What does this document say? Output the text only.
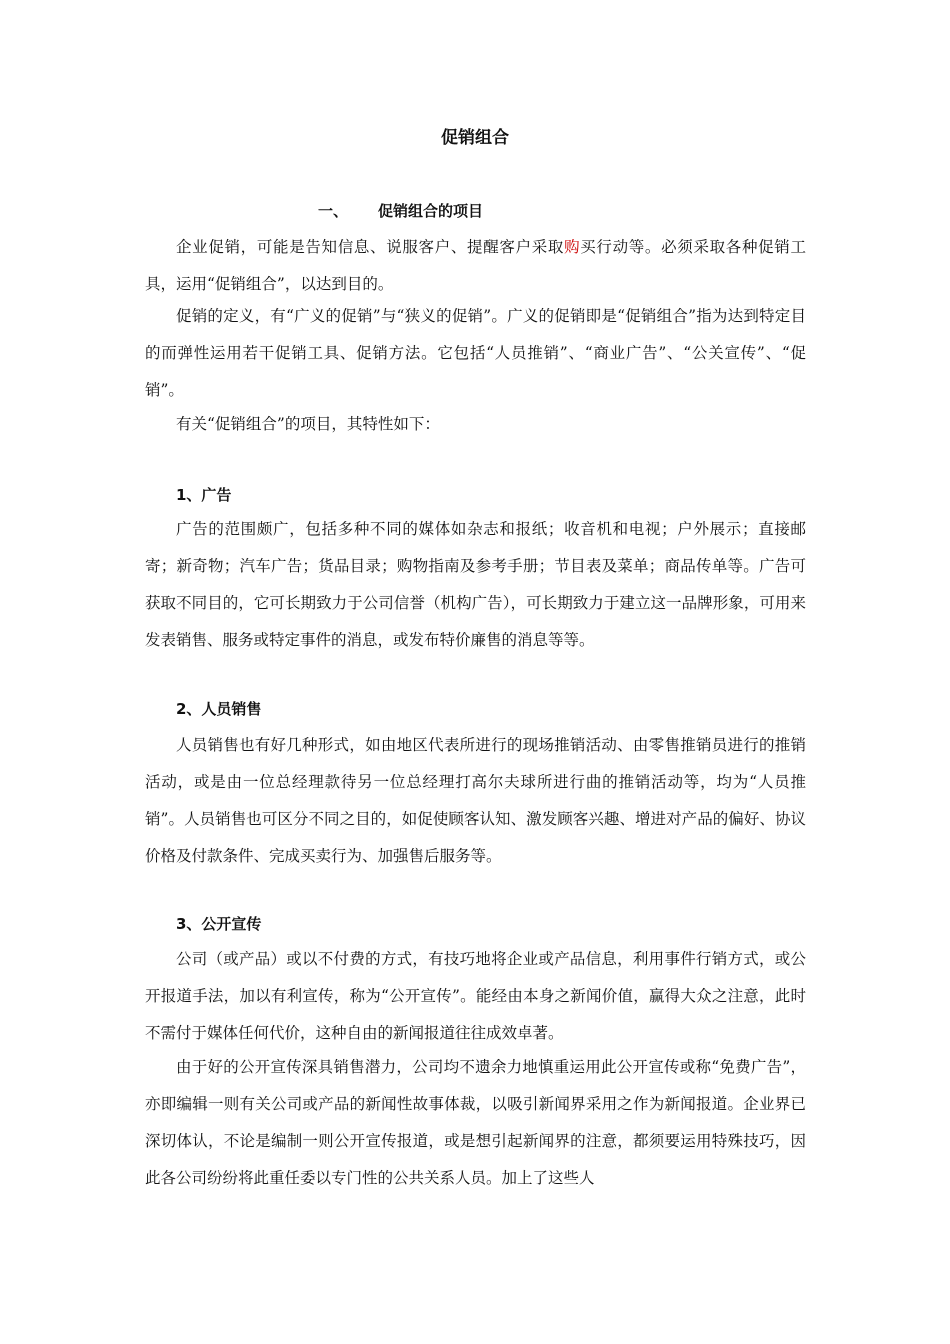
促销组合
一、 促销组合的项目

企业促销，可能是告知信息、说服客户、提醒客户采取购买行动等。必须采取各种促销工具，运用“促销组合”，以达到目的。

促销的定义，有“广义的促销”与“狭义的促销”。广义的促销即是“促销组合”指为达到特定目的而弹性运用若干促销工具、促销方法。它包括“人员推销”、“商业广告”、“公关宣传”、“促销”。

有关“促销组合”的项目，其特性如下：

1、广告

广告的范围颇广，包括多种不同的媒体如杂志和报纸；收音机和电视；户外展示；直接邮寄；新奇物；汽车广告；货品目录；购物指南及参考手册；节目表及菜单；商品传单等。广告可获取不同目的，它可长期致力于公司信誉（机构广告），可长期致力于建立这一品牌形象，可用来发表销售、服务或特定事件的消息，或发布特价廉售的消息等等。

2、人员销售

人员销售也有好几种形式，如由地区代表所进行的现场推销活动、由零售推销员进行的推销活动，或是由一位总经理款待另一位总经理打高尔夫球所进行曲的推销活动等，均为“人员推销”。人员销售也可区分不同之目的，如促使顾客认知、激发顾客兴趣、增进对产品的偏好、协议价格及付款条件、完成买卖行为、加强售后服务等。

3、公开宣传

公司（或产品）或以不付费的方式，有技巧地将企业或产品信息，利用事件行销方式，或公开报道手法，加以有利宣传，称为“公开宣传”。能经由本身之新闻价值，赢得大众之注意，此时不需付于媒体任何代价，这种自由的新闻报道往往成效卓著。

由于好的公开宣传深具销售潜力，公司均不遗余力地慎重运用此公开宣传或称“免费广告”，亦即编辑一则有关公司或产品的新闻性故事体裁，以吸引新闻界采用之作为新闻报道。企业界已深切体认，不论是编制一则公开宣传报道，或是想引起新闻界的注意，都须要运用特殊技巧，因此各公司纷纷将此重任委以专门性的公共关系人员。加上了这些人
